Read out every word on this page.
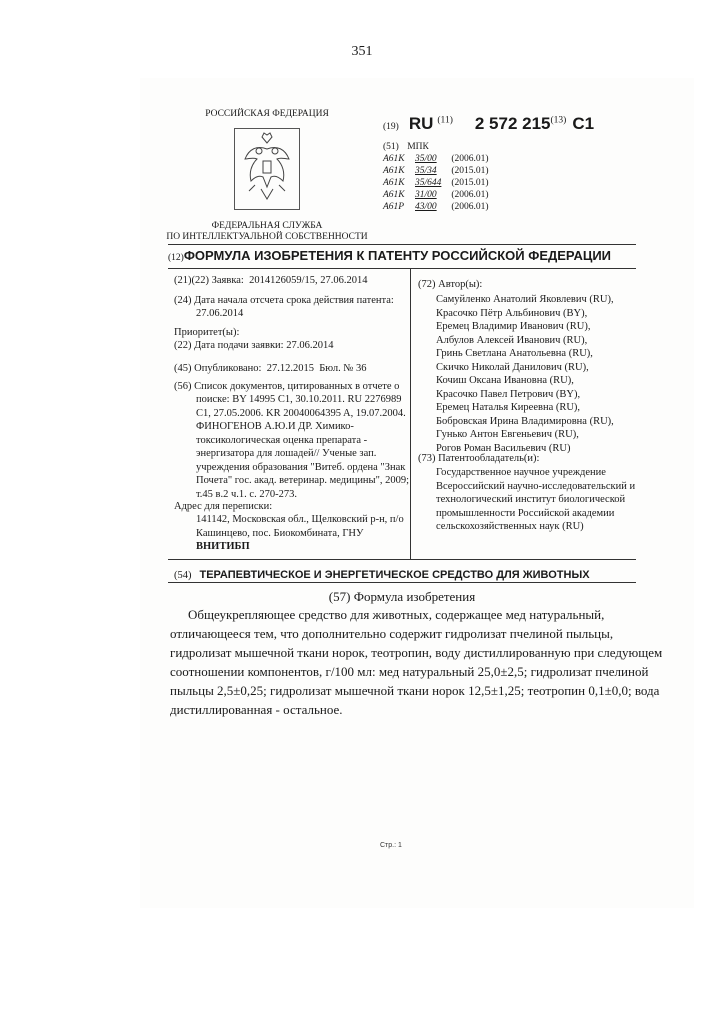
351
РОССИЙСКАЯ ФЕДЕРАЦИЯ
ФЕДЕРАЛЬНАЯ СЛУЖБА
ПО ИНТЕЛЛЕКТУАЛЬНОЙ СОБСТВЕННОСТИ
(19) RU $^{(11)}$ 2 572 215$^{(13)}$ C1
(51) МПК
A61K 35/00 (2006.01)
A61K 35/34 (2015.01)
A61K 35/644 (2015.01)
A61K 31/00 (2006.01)
A61P 43/00 (2006.01)
(12)ФОРМУЛА ИЗОБРЕТЕНИЯ К ПАТЕНТУ РОССИЙСКОЙ ФЕДЕРАЦИИ
(21)(22) Заявка: 2014126059/15, 27.06.2014
(24) Дата начала отсчета срока действия патента:
27.06.2014
Приоритет(ы):
(22) Дата подачи заявки: 27.06.2014
(45) Опубликовано: 27.12.2015 Бюл. № 36
(56) Список документов, цитированных в отчете о
поиске: BY 14995 C1, 30.10.2011. RU 2276989
C1, 27.05.2006. KR 20040064395 A, 19.07.2004.
ФИНОГЕНОВ А.Ю.И ДР. Химико-
токсикологическая оценка препарата -
энергизатора для лошадей// Ученые зап.
учреждения образования "Витеб. ордена "Знак
Почета" гос. акад. ветеринар. медицины", 2009;
т.45 в.2 ч.1. с. 270-273.
Адрес для переписки:
141142, Московская обл., Щелковский р-н, п/о
Кашинцево, пос. Биокомбината, ГНУ
ВНИТИБП
(72) Автор(ы):
Самуйленко Анатолий Яковлевич (RU),
Красочко Пётр Альбинович (BY),
Еремец Владимир Иванович (RU),
Албулов Алексей Иванович (RU),
Гринь Светлана Анатольевна (RU),
Скичко Николай Данилович (RU),
Кочиш Оксана Ивановна (RU),
Красочко Павел Петрович (BY),
Еремец Наталья Киреевна (RU),
Бобровская Ирина Владимировна (RU),
Гунько Антон Евгеньевич (RU),
Рогов Роман Васильевич (RU)
(73) Патентообладатель(и):
Государственное научное учреждение
Всероссийский научно-исследовательский и
технологический институт биологической
промышленности Российской академии
сельскохозяйственных наук (RU)
(54) ТЕРАПЕВТИЧЕСКОЕ И ЭНЕРГЕТИЧЕСКОЕ СРЕДСТВО ДЛЯ ЖИВОТНЫХ
(57) Формула изобретения

Общеукрепляющее средство для животных, содержащее мед натуральный,

отличающееся тем, что дополнительно содержит гидролизат пчелиной пыльцы,

гидролизат мышечной ткани норок, теотропин, воду дистиллированную при следующем

соотношении компонентов, г/100 мл: мед натуральный 25,0±2,5; гидролизат пчелиной

пыльцы 2,5±0,25; гидролизат мышечной ткани норок 12,5±1,25; теотропин 0,1±0,0; вода

дистиллированная - остальное.

Стр.: 1
